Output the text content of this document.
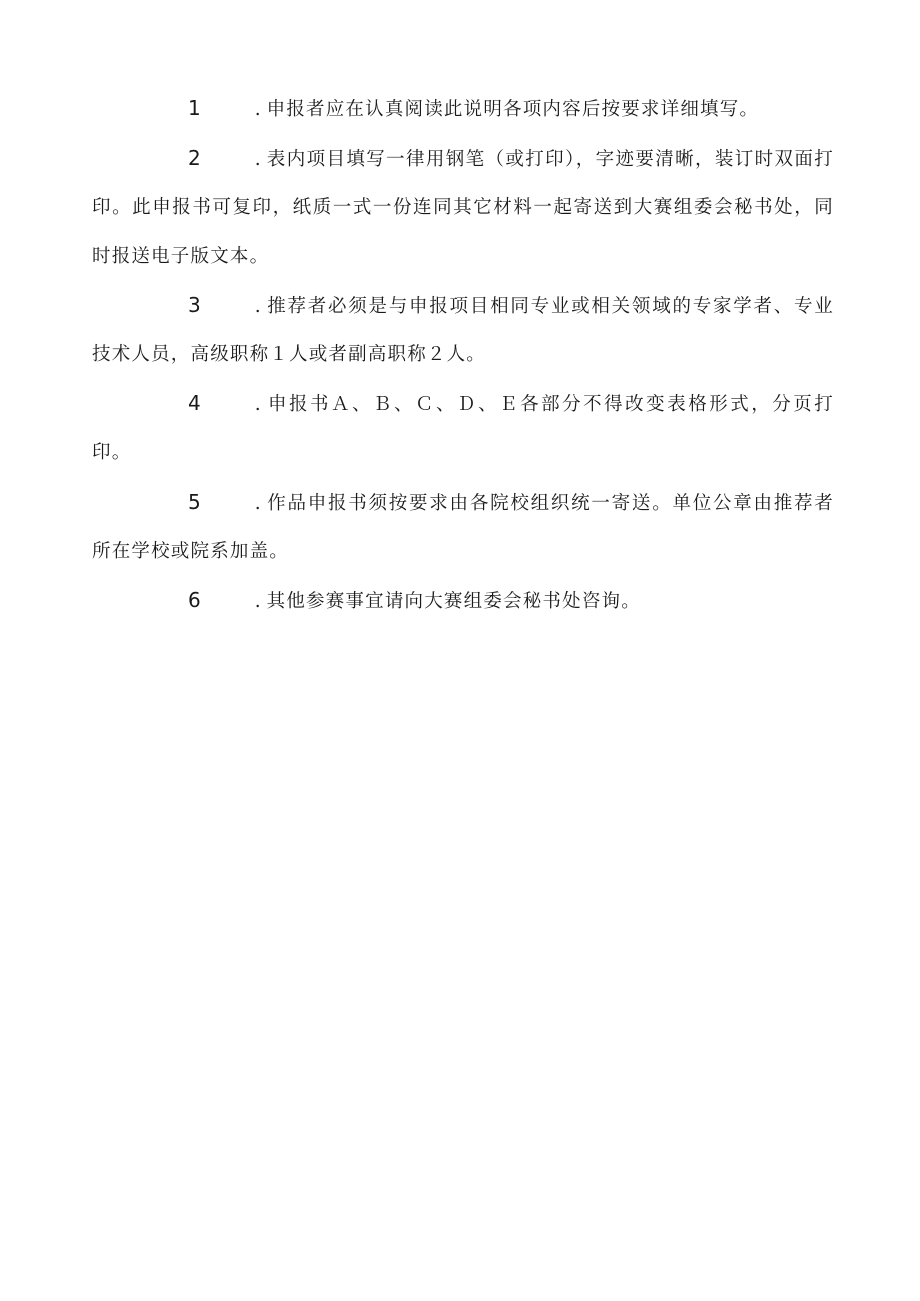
1	. 申报者应在认真阅读此说明各项内容后按要求详细填写。
2	. 表内项目填写一律用钢笔（或打印），字迹要清晰，装订时双面打印。此申报书可复印，纸质一式一份连同其它材料一起寄送到大赛组委会秘书处，同时报送电子版文本。
3	. 推荐者必须是与申报项目相同专业或相关领域的专家学者、专业技术人员，高级职称１人或者副高职称２人。
4	. 申报书Ａ、Ｂ、Ｃ、Ｄ、Ｅ各部分不得改变表格形式，分页打印。
5	. 作品申报书须按要求由各院校组织统一寄送。单位公章由推荐者所在学校或院系加盖。
6	. 其他参赛事宜请向大赛组委会秘书处咨询。
